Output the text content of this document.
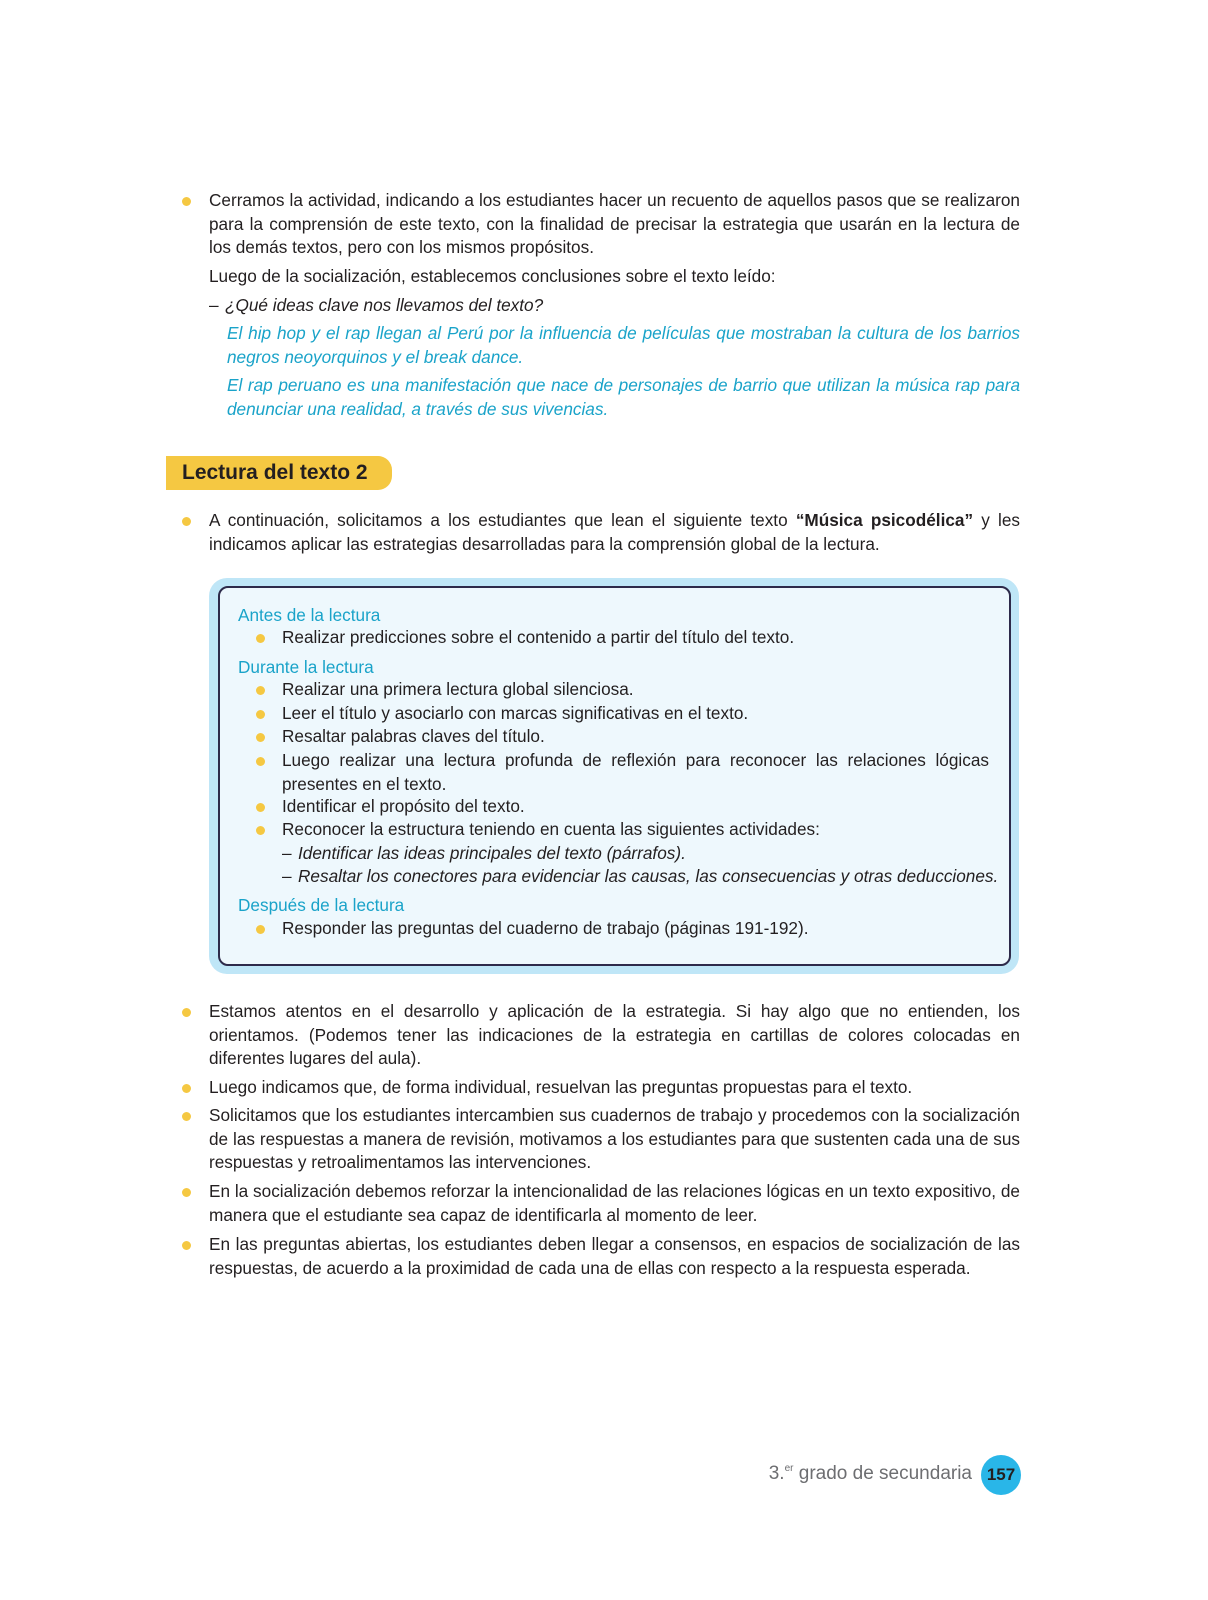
Cerramos la actividad, indicando a los estudiantes hacer un recuento de aquellos pasos que se realizaron para la comprensión de este texto, con la finalidad de precisar la estrategia que usarán en la lectura de los demás textos, pero con los mismos propósitos.
Luego de la socialización, establecemos conclusiones sobre el texto leído:
– ¿Qué ideas clave nos llevamos del texto?
El hip hop y el rap llegan al Perú por la influencia de películas que mostraban la cultura de los barrios negros neoyorquinos y el break dance.
El rap peruano es una manifestación que nace de personajes de barrio que utilizan la música rap para denunciar una realidad, a través de sus vivencias.
Lectura del texto 2
A continuación, solicitamos a los estudiantes que lean el siguiente texto “Música psicodélica” y les indicamos aplicar las estrategias desarrolladas para la comprensión global de la lectura.
Antes de la lectura
Realizar predicciones sobre el contenido a partir del título del texto.
Durante la lectura
Realizar una primera lectura global silenciosa.
Leer el título y asociarlo con marcas significativas en el texto.
Resaltar palabras claves del título.
Luego realizar una lectura profunda de reflexión para reconocer las relaciones lógicas presentes en el texto.
Identificar el propósito del texto.
Reconocer la estructura teniendo en cuenta las siguientes actividades:
– Identificar las ideas principales del texto (párrafos).
– Resaltar los conectores para evidenciar las causas, las consecuencias y otras deducciones.
Después de la lectura
Responder las preguntas del cuaderno de trabajo (páginas 191-192).
Estamos atentos en el desarrollo y aplicación de la estrategia. Si hay algo que no entienden, los orientamos. (Podemos tener las indicaciones de la estrategia en cartillas de colores colocadas en diferentes lugares del aula).
Luego indicamos que, de forma individual, resuelvan las preguntas propuestas para el texto.
Solicitamos que los estudiantes intercambien sus cuadernos de trabajo y procedemos con la socialización de las respuestas a manera de revisión, motivamos a los estudiantes para que sustenten cada una de sus respuestas y retroalimentamos las intervenciones.
En la socialización debemos reforzar la intencionalidad de las relaciones lógicas en un texto expositivo, de manera que el estudiante sea capaz de identificarla al momento de leer.
En las preguntas abiertas, los estudiantes deben llegar a consensos, en espacios de socialización de las respuestas, de acuerdo a la proximidad de cada una de ellas con respecto a la respuesta esperada.
3.$^{er}$ grado de secundaria 157
